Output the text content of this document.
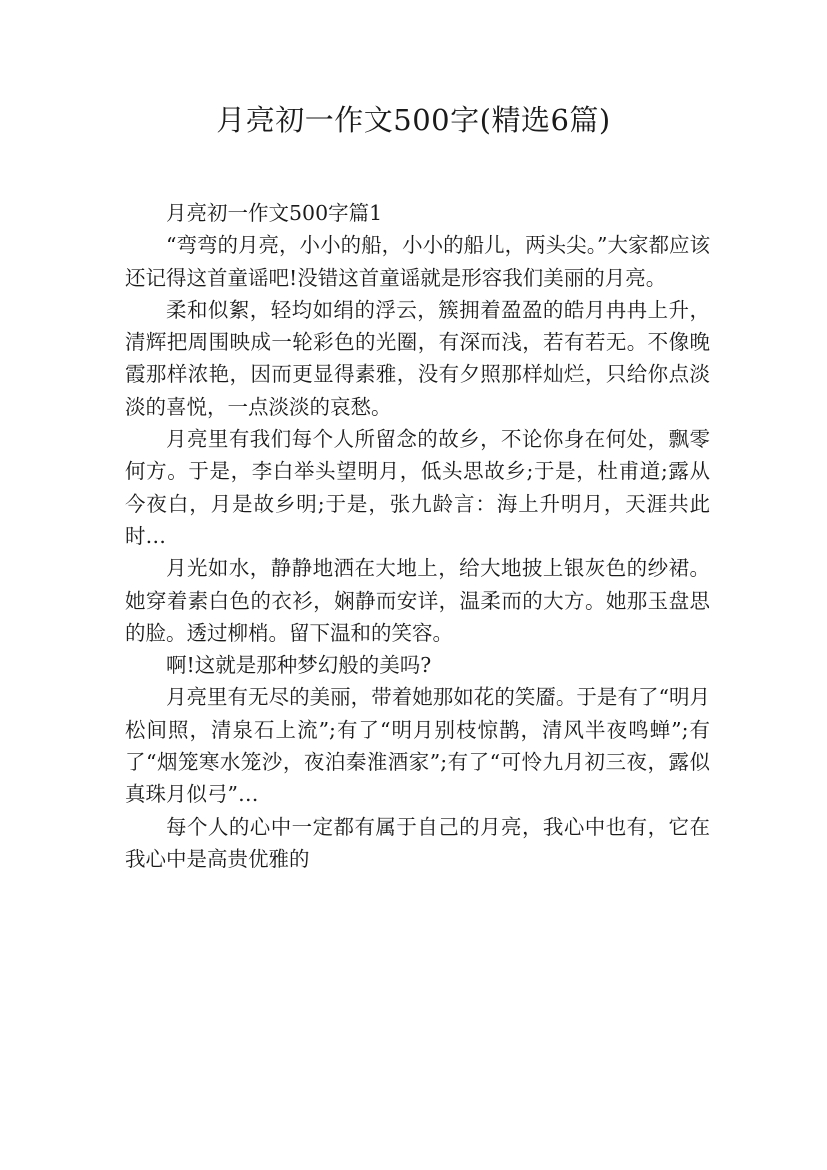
月亮初一作文500字(精选6篇)

月亮初一作文500字篇1

“弯弯的月亮，小小的船，小小的船儿，两头尖。”大家都应该还记得这首童谣吧!没错这首童谣就是形容我们美丽的月亮。

柔和似絮，轻均如绢的浮云，簇拥着盈盈的皓月冉冉上升，清辉把周围映成一轮彩色的光圈，有深而浅，若有若无。不像晚霞那样浓艳，因而更显得素雅，没有夕照那样灿烂，只给你点淡淡的喜悦，一点淡淡的哀愁。

月亮里有我们每个人所留念的故乡，不论你身在何处，飘零何方。于是，李白举头望明月，低头思故乡;于是，杜甫道;露从今夜白，月是故乡明;于是，张九龄言：海上升明月，天涯共此时…

月光如水，静静地洒在大地上，给大地披上银灰色的纱裙。她穿着素白色的衣衫，娴静而安详，温柔而的大方。她那玉盘思的脸。透过柳梢。留下温和的笑容。

啊!这就是那种梦幻般的美吗?

月亮里有无尽的美丽，带着她那如花的笑靥。于是有了“明月松间照，清泉石上流”;有了“明月别枝惊鹊，清风半夜鸣蝉”;有了“烟笼寒水笼沙，夜泊秦淮酒家”;有了“可怜九月初三夜，露似真珠月似弓”…

每个人的心中一定都有属于自己的月亮，我心中也有，它在我心中是高贵优雅的
